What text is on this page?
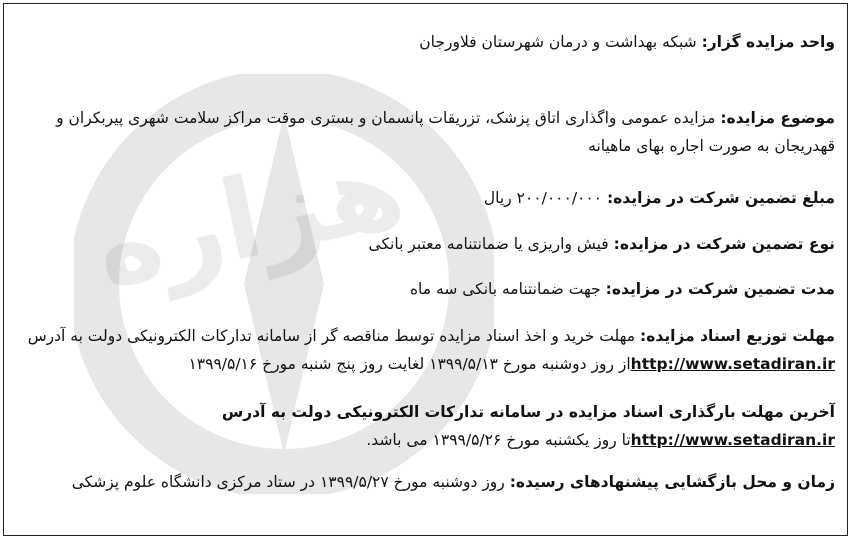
هزاره
واحد مزایده گزار: شبکه بهداشت و درمان شهرستان فلاورجان
موضوع مزایده: مزایده عمومی واگذاری اتاق پزشک، تزریقات پانسمان و بستری موقت مراکز سلامت شهری پیربکران و قهدریجان به صورت اجاره بهای ماهیانه
مبلغ تضمین شرکت در مزایده: ۲۰۰/۰۰۰/۰۰۰ ریال
نوع تضمین شرکت در مزایده: فیش واریزی یا ضمانتنامه معتبر بانکی
مدت تضمین شرکت در مزایده: جهت ضمانتنامه بانکی سه ماه
مهلت توزیع اسناد مزایده: مهلت خرید و اخذ اسناد مزایده توسط مناقصه گر از سامانه تدارکات الکترونیکی دولت به آدرس http://www.setadiran.irاز روز دوشنبه مورخ ۱۳۹۹/۵/۱۳ لغایت روز پنج شنبه مورخ ۱۳۹۹/۵/۱۶
آخرین مهلت بارگذاری اسناد مزایده در سامانه تدارکات الکترونیکی دولت به آدرس http://www.setadiran.irتا روز یکشنبه مورخ ۱۳۹۹/۵/۲۶ می باشد.
زمان و محل بازگشایی پیشنهادهای رسیده: روز دوشنبه مورخ ۱۳۹۹/۵/۲۷ در ستاد مرکزی دانشگاه علوم پزشکی
